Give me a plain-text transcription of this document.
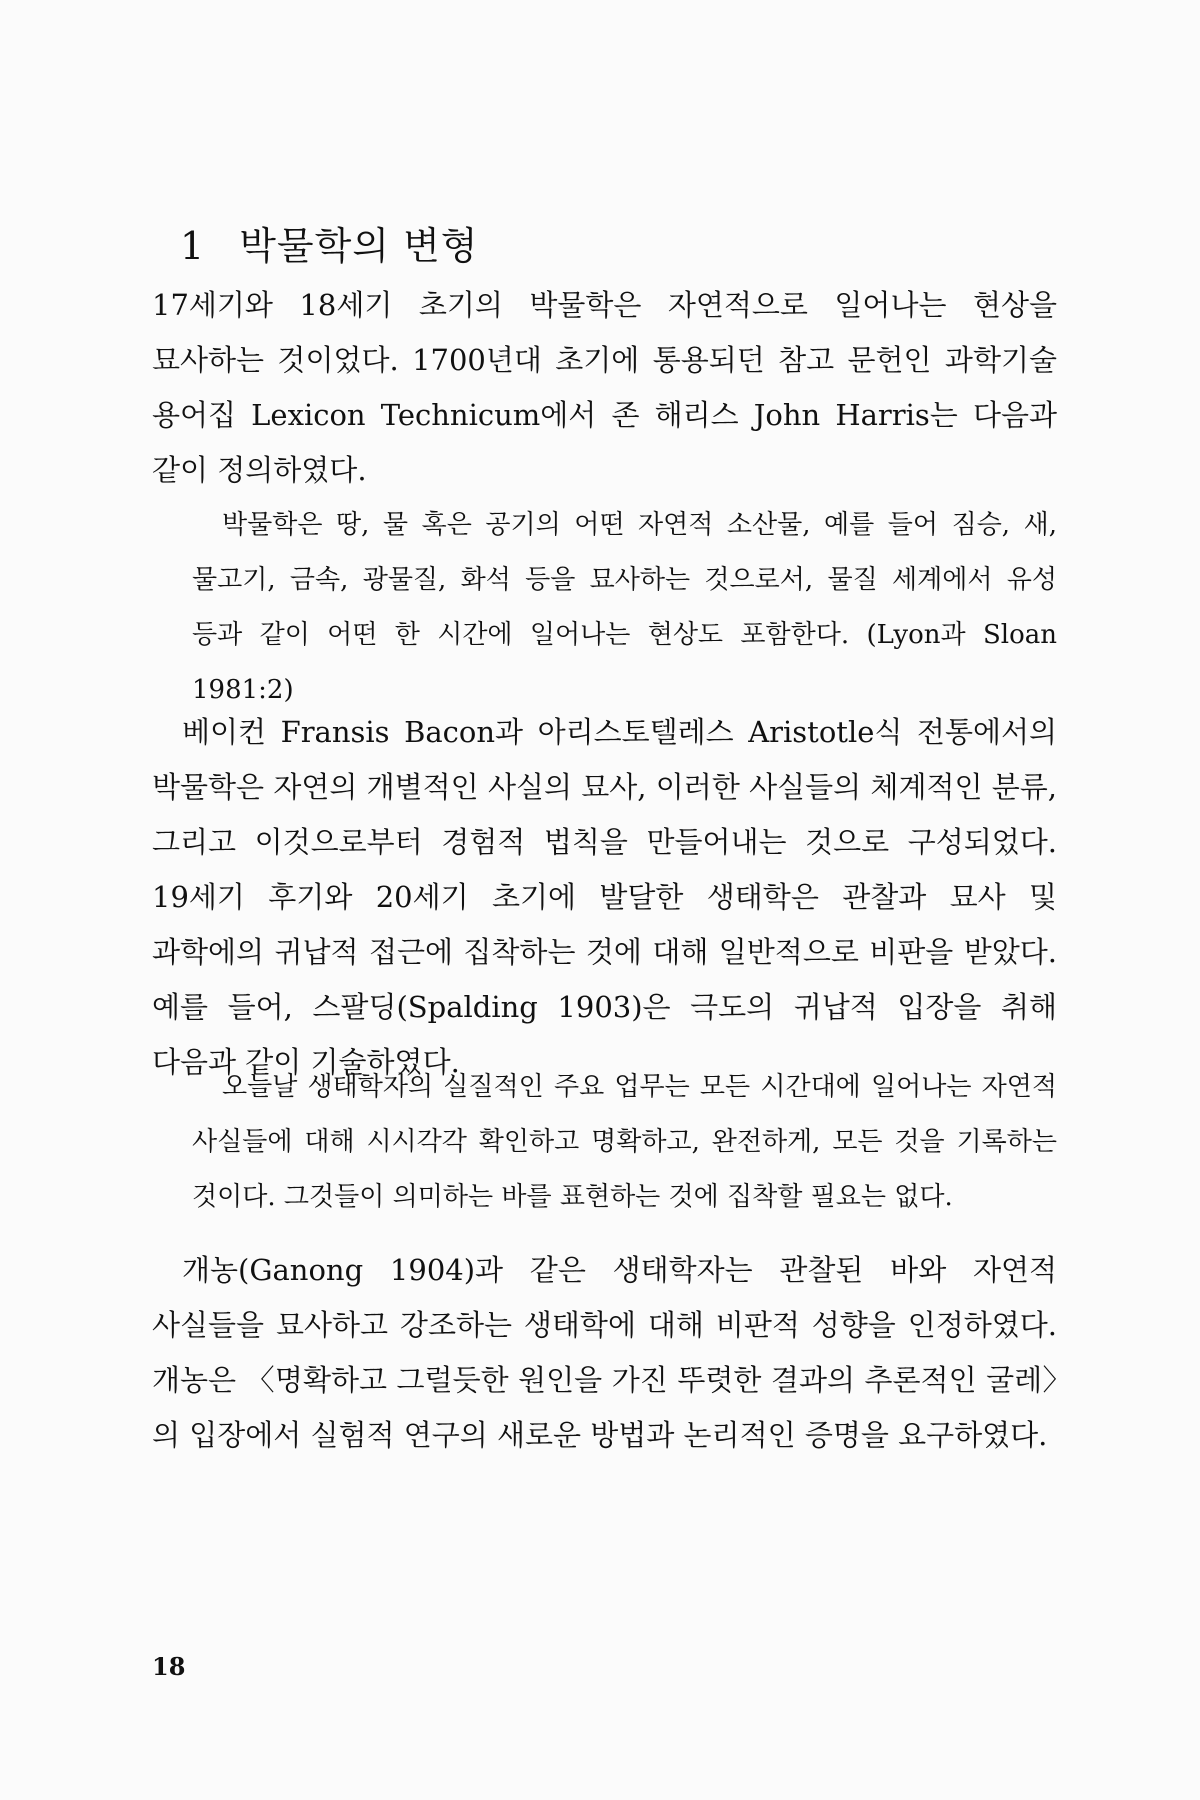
1 박물학의 변형

17세기와 18세기 초기의 박물학은 자연적으로 일어나는 현상을 묘사하는 것이었다. 1700년대 초기에 통용되던 참고 문헌인 과학기술 용어집 Lexicon Technicum에서 존 해리스 John Harris는 다음과 같이 정의하였다.

박물학은 땅, 물 혹은 공기의 어떤 자연적 소산물, 예를 들어 짐승, 새, 물고기, 금속, 광물질, 화석 등을 묘사하는 것으로서, 물질 세계에서 유성 등과 같이 어떤 한 시간에 일어나는 현상도 포함한다. (Lyon과 Sloan 1981:2)

베이컨 Fransis Bacon과 아리스토텔레스 Aristotle식 전통에서의 박물학은 자연의 개별적인 사실의 묘사, 이러한 사실들의 체계적인 분류, 그리고 이것으로부터 경험적 법칙을 만들어내는 것으로 구성되었다. 19세기 후기와 20세기 초기에 발달한 생태학은 관찰과 묘사 및 과학에의 귀납적 접근에 집착하는 것에 대해 일반적으로 비판을 받았다. 예를 들어, 스팔딩(Spalding 1903)은 극도의 귀납적 입장을 취해 다음과 같이 기술하였다.

오늘날 생태학자의 실질적인 주요 업무는 모든 시간대에 일어나는 자연적 사실들에 대해 시시각각 확인하고 명확하고, 완전하게, 모든 것을 기록하는 것이다. 그것들이 의미하는 바를 표현하는 것에 집착할 필요는 없다.

개농(Ganong 1904)과 같은 생태학자는 관찰된 바와 자연적 사실들을 묘사하고 강조하는 생태학에 대해 비판적 성향을 인정하였다. 개농은 〈명확하고 그럴듯한 원인을 가진 뚜렷한 결과의 추론적인 굴레〉의 입장에서 실험적 연구의 새로운 방법과 논리적인 증명을 요구하였다.

18
